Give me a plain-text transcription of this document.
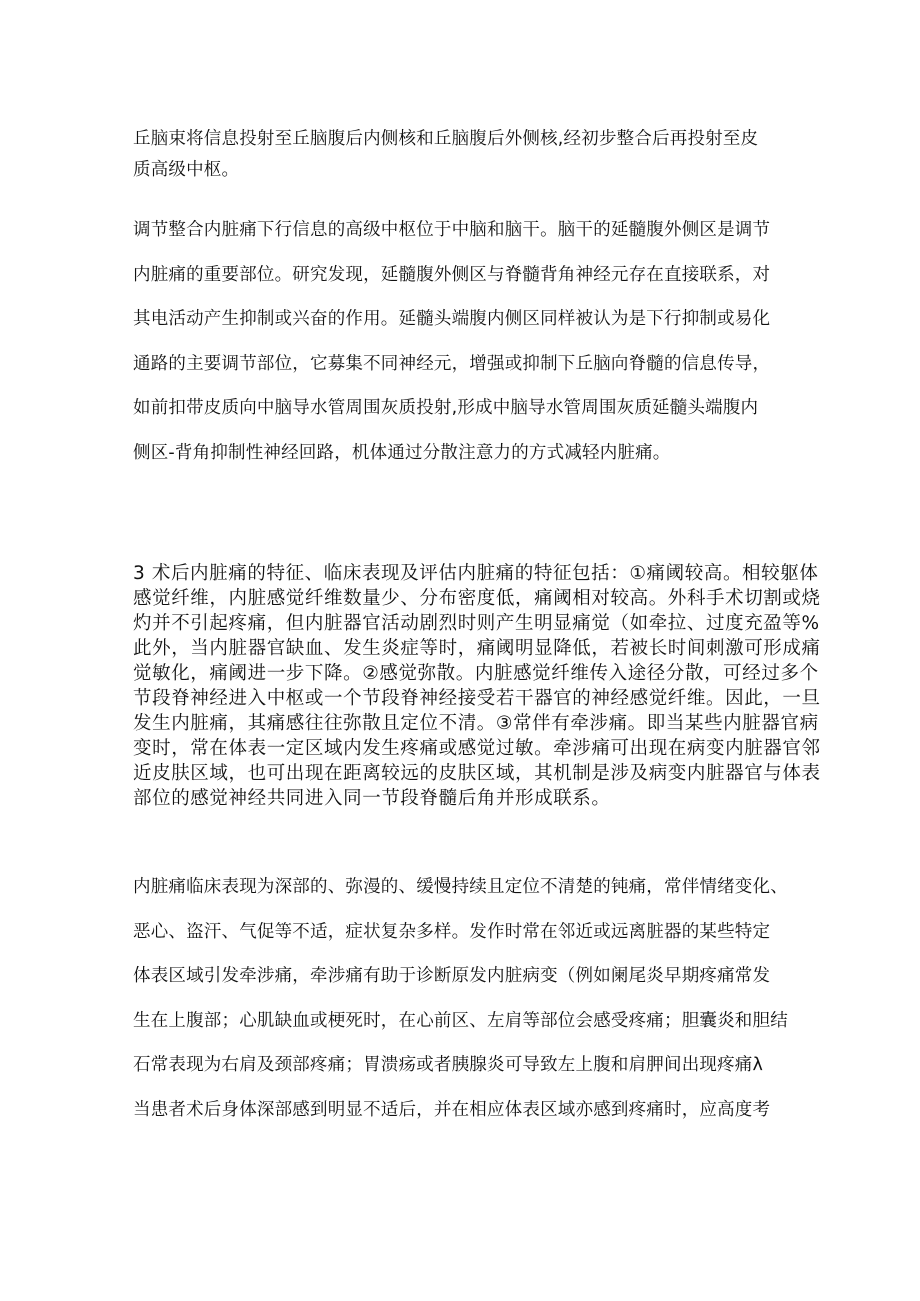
丘脑束将信息投射至丘脑腹后内侧核和丘脑腹后外侧核,经初步整合后再投射至皮
质高级中枢。

调节整合内脏痛下行信息的高级中枢位于中脑和脑干。脑干的延髓腹外侧区是调节
内脏痛的重要部位。研究发现，延髓腹外侧区与脊髓背角神经元存在直接联系，对
其电活动产生抑制或兴奋的作用。延髓头端腹内侧区同样被认为是下行抑制或易化
通路的主要调节部位，它募集不同神经元，增强或抑制下丘脑向脊髓的信息传导，
如前扣带皮质向中脑导水管周围灰质投射,形成中脑导水管周围灰质延髓头端腹内
侧区-背角抑制性神经回路，机体通过分散注意力的方式减轻内脏痛。

3 术后内脏痛的特征、临床表现及评估内脏痛的特征包括：①痛阈较高。相较躯体
感觉纤维，内脏感觉纤维数量少、分布密度低，痛阈相对较高。外科手术切割或烧
灼并不引起疼痛，但内脏器官活动剧烈时则产生明显痛觉（如牵拉、过度充盈等%
此外，当内脏器官缺血、发生炎症等时，痛阈明显降低，若被长时间刺激可形成痛
觉敏化，痛阈进一步下降。②感觉弥散。内脏感觉纤维传入途径分散，可经过多个
节段脊神经进入中枢或一个节段脊神经接受若干器官的神经感觉纤维。因此，一旦
发生内脏痛，其痛感往往弥散且定位不清。③常伴有牵涉痛。即当某些内脏器官病
变时，常在体表一定区域内发生疼痛或感觉过敏。牵涉痛可出现在病变内脏器官邻
近皮肤区域，也可出现在距离较远的皮肤区域，其机制是涉及病变内脏器官与体表
部位的感觉神经共同进入同一节段脊髓后角并形成联系。

内脏痛临床表现为深部的、弥漫的、缓慢持续且定位不清楚的钝痛，常伴情绪变化、
恶心、盗汗、气促等不适，症状复杂多样。发作时常在邻近或远离脏器的某些特定
体表区域引发牵涉痛，牵涉痛有助于诊断原发内脏病变（例如阑尾炎早期疼痛常发
生在上腹部；心肌缺血或梗死时，在心前区、左肩等部位会感受疼痛；胆囊炎和胆结
石常表现为右肩及颈部疼痛；胃溃疡或者胰腺炎可导致左上腹和肩胛间出现疼痛λ
当患者术后身体深部感到明显不适后，并在相应体表区域亦感到疼痛时，应高度考
